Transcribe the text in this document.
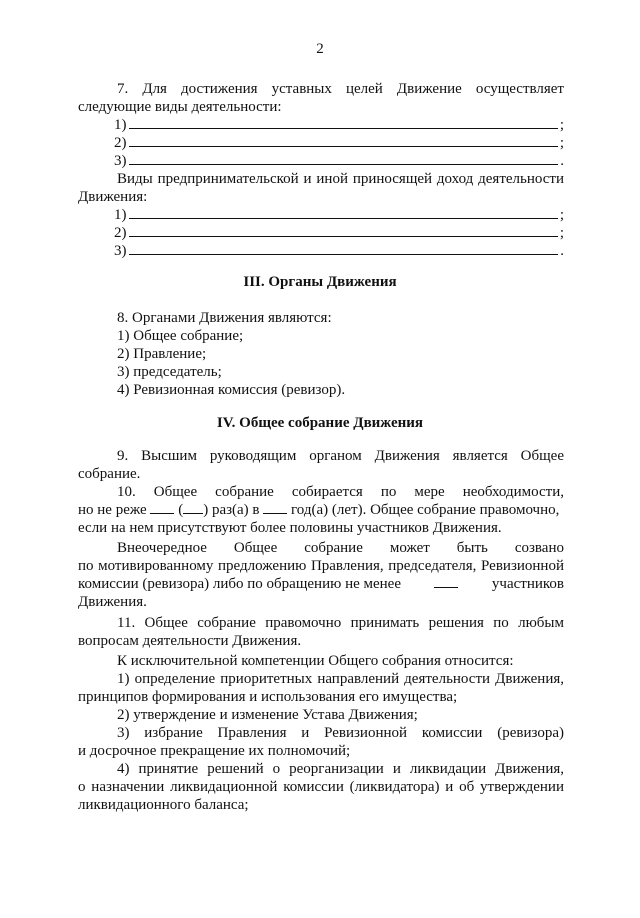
2
7. Для достижения уставных целей Движение осуществляет
следующие виды деятельности:
1)	;
2)	;
3)	.
Виды предпринимательской и иной приносящей доход деятельности
Движения:
1)	;
2)	;
3)	.
III. Органы Движения
8. Органами Движения являются:
1) Общее собрание;
2) Правление;
3) председатель;
4) Ревизионная комиссия (ревизор).
IV. Общее собрание Движения
9. Высшим руководящим органом Движения является Общее
собрание.
10. Общее собрание собирается по мере необходимости,
но не реже ( ) раз(а) в год(а) (лет). Общее собрание правомочно,
если на нем присутствуют более половины участников Движения.
Внеочередное Общее собрание может быть созвано
по мотивированному предложению Правления, председателя, Ревизионной
комиссии (ревизора) либо по обращению не менее	участников
Движения.
11. Общее собрание правомочно принимать решения по любым
вопросам деятельности Движения.
К исключительной компетенции Общего собрания относится:
1) определение приоритетных направлений деятельности Движения,
принципов формирования и использования его имущества;
2) утверждение и изменение Устава Движения;
3) избрание Правления и Ревизионной комиссии (ревизора)
и досрочное прекращение их полномочий;
4) принятие решений о реорганизации и ликвидации Движения,
о назначении ликвидационной комиссии (ликвидатора) и об утверждении
ликвидационного баланса;
